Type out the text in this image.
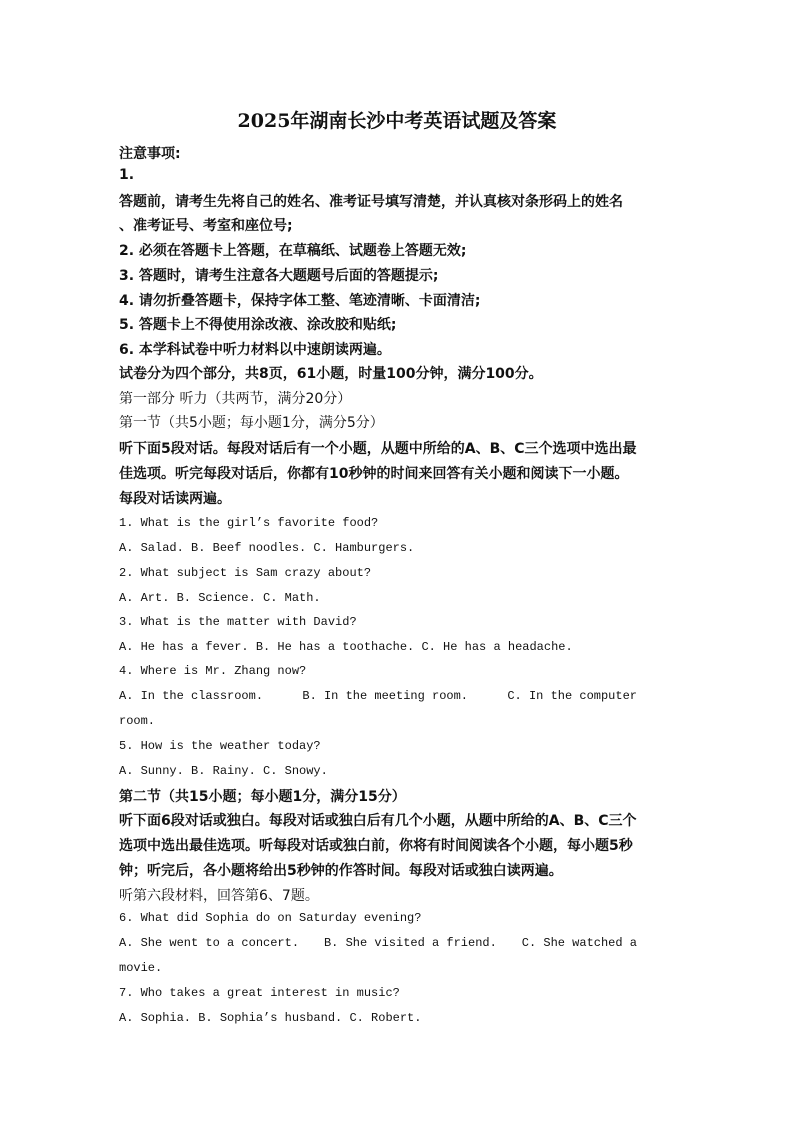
2025年湖南长沙中考英语试题及答案
注意事项:
1.
答题前，请考生先将自己的姓名、准考证号填写清楚，并认真核对条形码上的姓名
、准考证号、考室和座位号;
2. 必须在答题卡上答题，在草稿纸、试题卷上答题无效;
3. 答题时，请考生注意各大题题号后面的答题提示;
4. 请勿折叠答题卡，保持字体工整、笔迹清晰、卡面清洁;
5. 答题卡上不得使用涂改液、涂改胶和贴纸;
6. 本学科试卷中听力材料以中速朗读两遍。
试卷分为四个部分，共8页，61小题，时量100分钟，满分100分。
第一部分 听力（共两节，满分20分）
第一节（共5小题；每小题1分，满分5分）
听下面5段对话。每段对话后有一个小题，从题中所给的A、B、C三个选项中选出最
佳选项。听完每段对话后，你都有10秒钟的时间来回答有关小题和阅读下一小题。
每段对话读两遍。
1. What is the girl’s favorite food?
A. Salad. B. Beef noodles. C. Hamburgers.
2. What subject is Sam crazy about?
A. Art. B. Science. C. Math.
3. What is the matter with David?
A. He has a fever. B. He has a toothache. C. He has a headache.
4. Where is Mr. Zhang now?
A. In the classroom.	B. In the meeting room.	C. In the computer
room.
5. How is the weather today?
A. Sunny. B. Rainy. C. Snowy.
第二节（共15小题；每小题1分，满分15分）
听下面6段对话或独白。每段对话或独白后有几个小题，从题中所给的A、B、C三个
选项中选出最佳选项。听每段对话或独白前，你将有时间阅读各个小题，每小题5秒
钟；听完后，各小题将给出5秒钟的作答时间。每段对话或独白读两遍。
听第六段材料，回答第6、7题。
6. What did Sophia do on Saturday evening?
A. She went to a concert. B. She visited a friend. C. She watched a
movie.
7. Who takes a great interest in music?
A. Sophia. B. Sophia’s husband. C. Robert.
